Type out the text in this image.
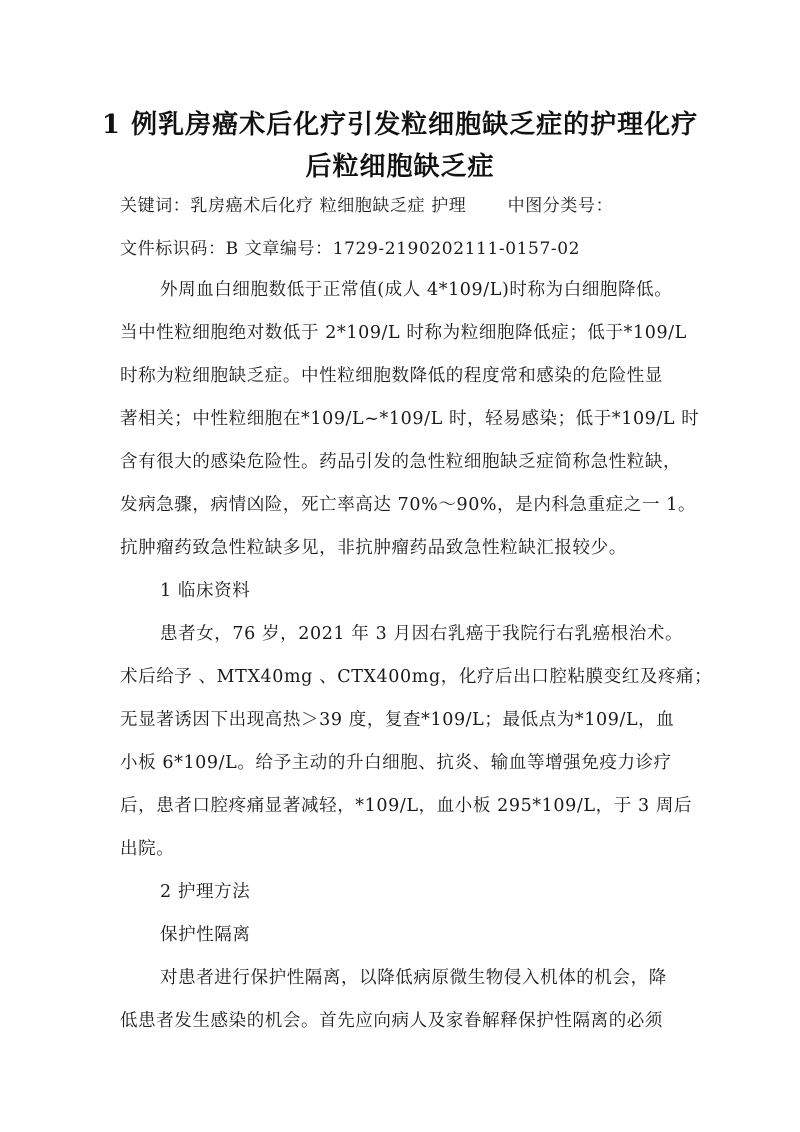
1 例乳房癌术后化疗引发粒细胞缺乏症的护理化疗
后粒细胞缺乏症
关键词：乳房癌术后化疗 粒细胞缺乏症 护理　　 中图分类号：
文件标识码：B 文章编号：1729-2190202111-0157-02
外周血白细胞数低于正常值(成人 4*109/L)时称为白细胞降低。
当中性粒细胞绝对数低于 2*109/L 时称为粒细胞降低症；低于*109/L
时称为粒细胞缺乏症。中性粒细胞数降低的程度常和感染的危险性显
著相关；中性粒细胞在*109/L~*109/L 时，轻易感染；低于*109/L 时
含有很大的感染危险性。药品引发的急性粒细胞缺乏症简称急性粒缺，
发病急骤，病情凶险，死亡率高达 70%～90%，是内科急重症之一 1。
抗肿瘤药致急性粒缺多见，非抗肿瘤药品致急性粒缺汇报较少。
1 临床资料
患者女，76 岁，2021 年 3 月因右乳癌于我院行右乳癌根治术。
术后给予 、MTX40mg 、CTX400mg，化疗后出口腔粘膜变红及疼痛；
无显著诱因下出现高热＞39 度，复查*109/L；最低点为*109/L，血
小板 6*109/L。给予主动的升白细胞、抗炎、输血等增强免疫力诊疗
后，患者口腔疼痛显著减轻，*109/L，血小板 295*109/L，于 3 周后
出院。
2 护理方法
保护性隔离
对患者进行保护性隔离，以降低病原微生物侵入机体的机会，降
低患者发生感染的机会。首先应向病人及家眷解释保护性隔离的必须
